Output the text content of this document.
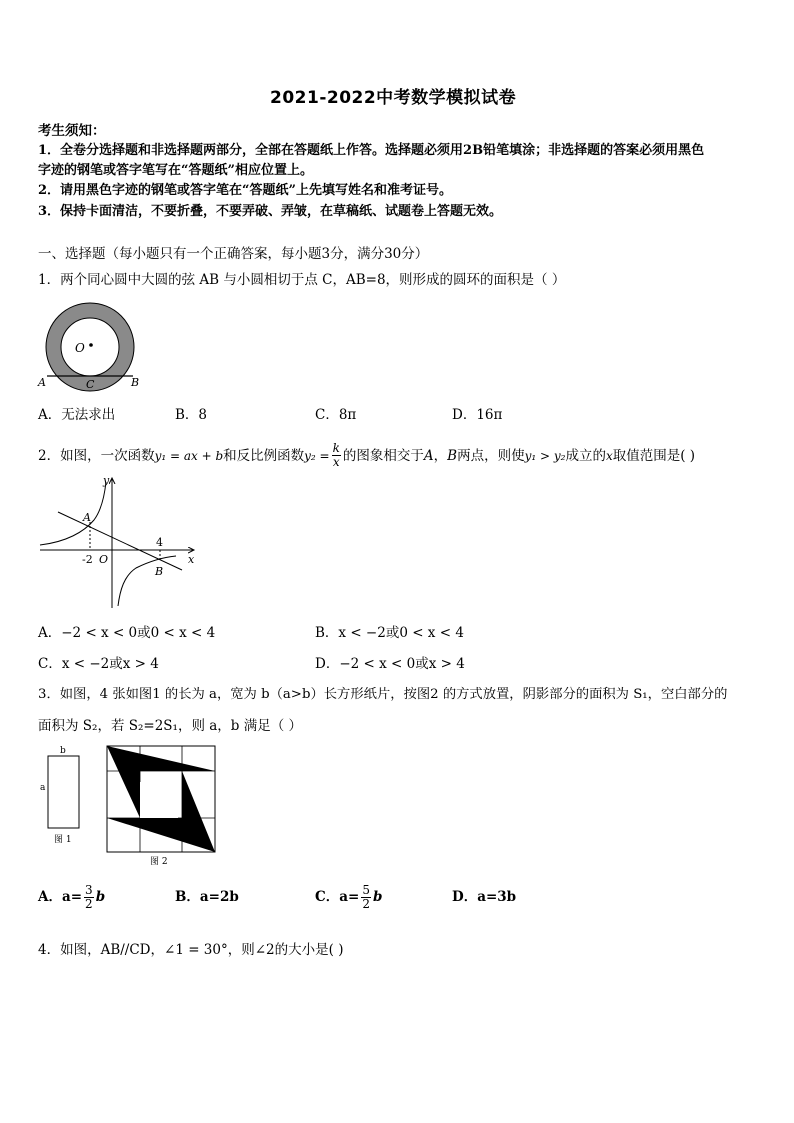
2021-2022中考数学模拟试卷
考生须知：
1．全卷分选择题和非选择题两部分，全部在答题纸上作答。选择题必须用2B铅笔填涂；非选择题的答案必须用黑色
字迹的钢笔或答字笔写在“答题纸”相应位置上。
2．请用黑色字迹的钢笔或答字笔在“答题纸”上先填写姓名和准考证号。
3．保持卡面清洁，不要折叠，不要弄破、弄皱，在草稿纸、试题卷上答题无效。
一、选择题（每小题只有一个正确答案，每小题3分，满分30分）
1．两个同心圆中大圆的弦 AB 与小圆相切于点 C，AB=8，则形成的圆环的面积是（ ）
O
A	B
C
A．无法求出	B．8	C．8π	D．16π
2．如图，一次函数 y₁ = ax + b 和反比例函数 $y_2 = \frac{k}{x}$ 的图象相交于 A ， B 两点，则使 y₁ > y₂ 成立的 x 取值范围是( )
y
x
A
B
-2 O
4
A．−2 < x < 0或0 < x < 4	B．x < −2或0 < x < 4
C．x < −2或x > 4	D．−2 < x < 0或x > 4
3．如图，4 张如图1 的长为 a，宽为 b（a>b）长方形纸片，按图2 的方式放置，阴影部分的面积为 S₁，空白部分的
面积为 S₂，若 S₂=2S₁，则 a，b 满足（ ）
b
a
图 1
图 2
A．$a= \frac{3}{2}$ b	B．a=2b	C．$a= \frac{5}{2}$ b	D．a=3b
4．如图，AB//CD，∠1 = 30°，则∠2的大小是( )
